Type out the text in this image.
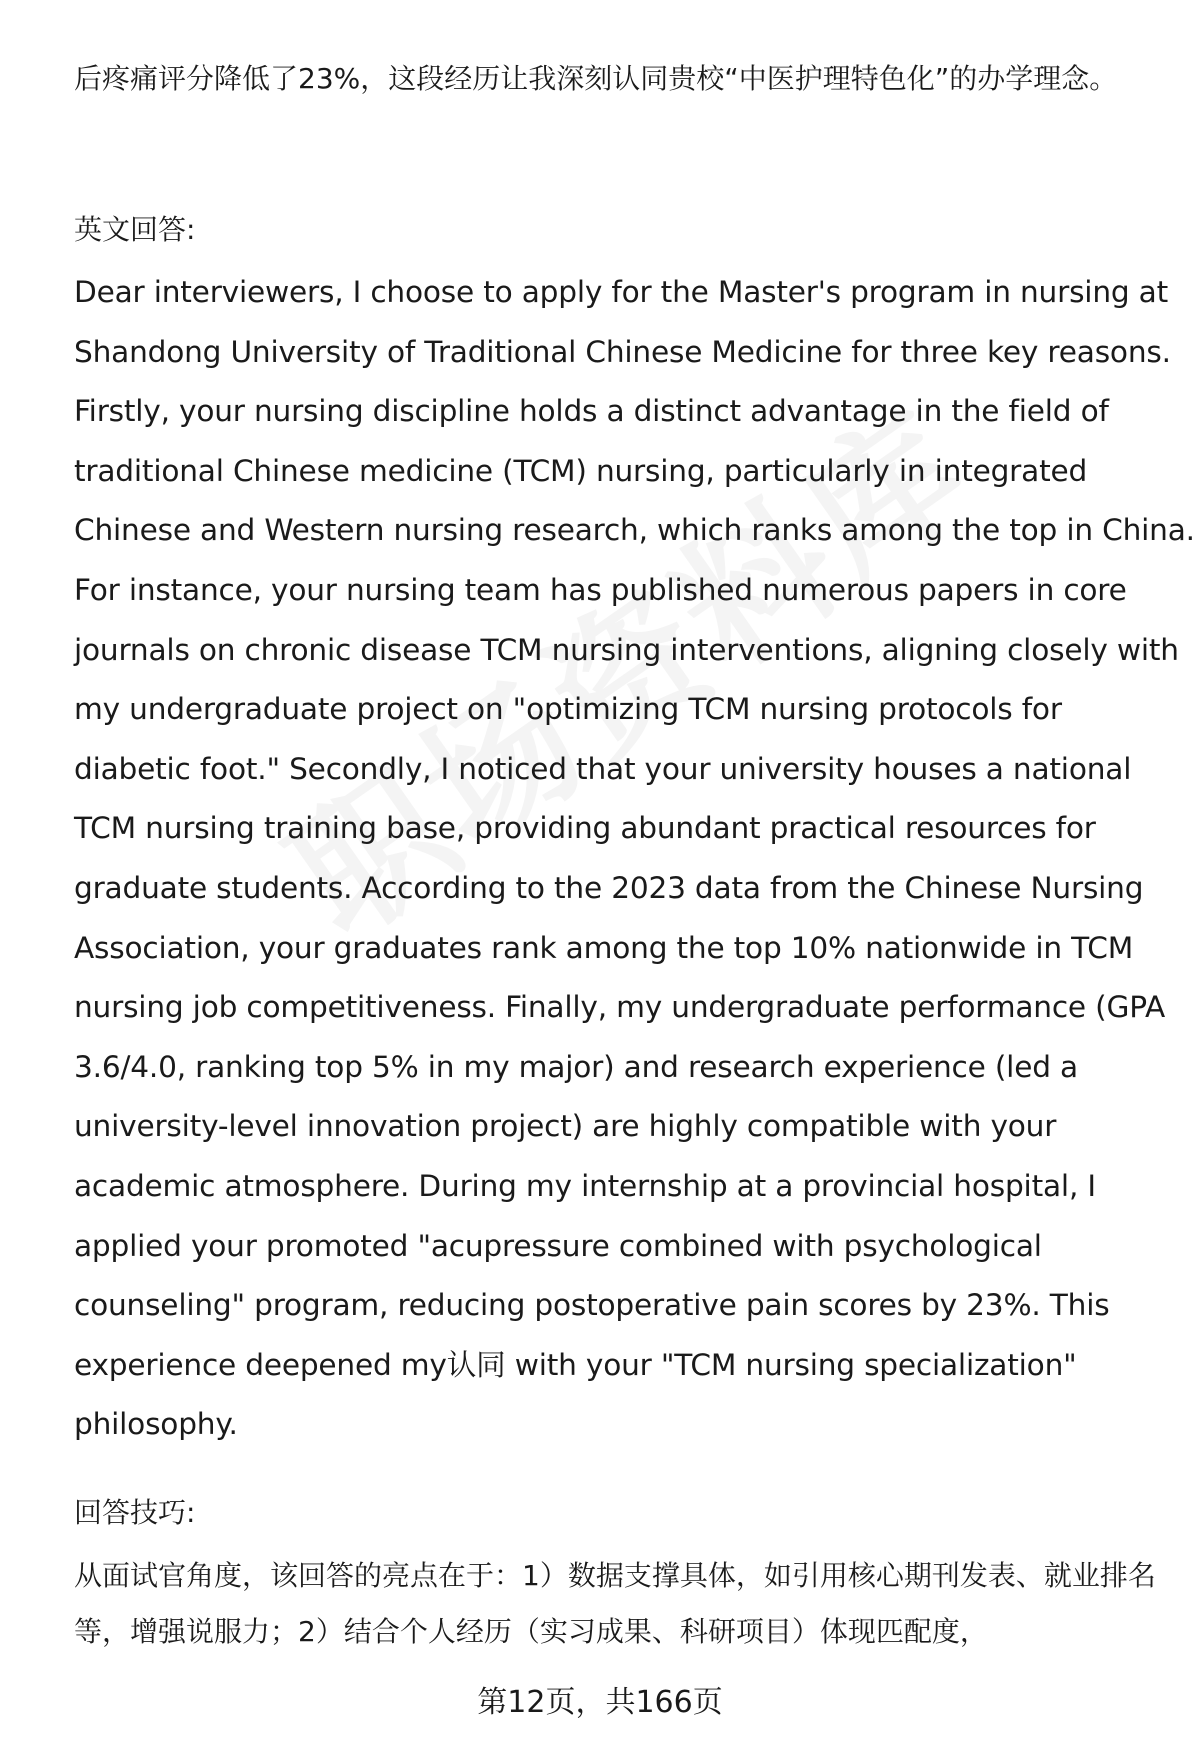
后疼痛评分降低了23%，这段经历让我深刻认同贵校“中医护理特色化”的办学理念。

英文回答:

Dear interviewers, I choose to apply for the Master's program in nursing at
Shandong University of Traditional Chinese Medicine for three key reasons.
Firstly, your nursing discipline holds a distinct advantage in the field of
traditional Chinese medicine (TCM) nursing, particularly in integrated
Chinese and Western nursing research, which ranks among the top in China.
For instance, your nursing team has published numerous papers in core
journals on chronic disease TCM nursing interventions, aligning closely with
my undergraduate project on "optimizing TCM nursing protocols for
diabetic foot." Secondly, I noticed that your university houses a national
TCM nursing training base, providing abundant practical resources for
graduate students. According to the 2023 data from the Chinese Nursing
Association, your graduates rank among the top 10% nationwide in TCM
nursing job competitiveness. Finally, my undergraduate performance (GPA
3.6/4.0, ranking top 5% in my major) and research experience (led a
university-level innovation project) are highly compatible with your
academic atmosphere. During my internship at a provincial hospital, I
applied your promoted "acupressure combined with psychological
counseling" program, reducing postoperative pain scores by 23%. This
experience deepened my认同 with your "TCM nursing specialization"
philosophy.

回答技巧:

从面试官角度，该回答的亮点在于：1）数据支撑具体，如引用核心期刊发表、就业排名等，增强说服力；2）结合个人经历（实习成果、科研项目）体现匹配度，

第12页，共166页
